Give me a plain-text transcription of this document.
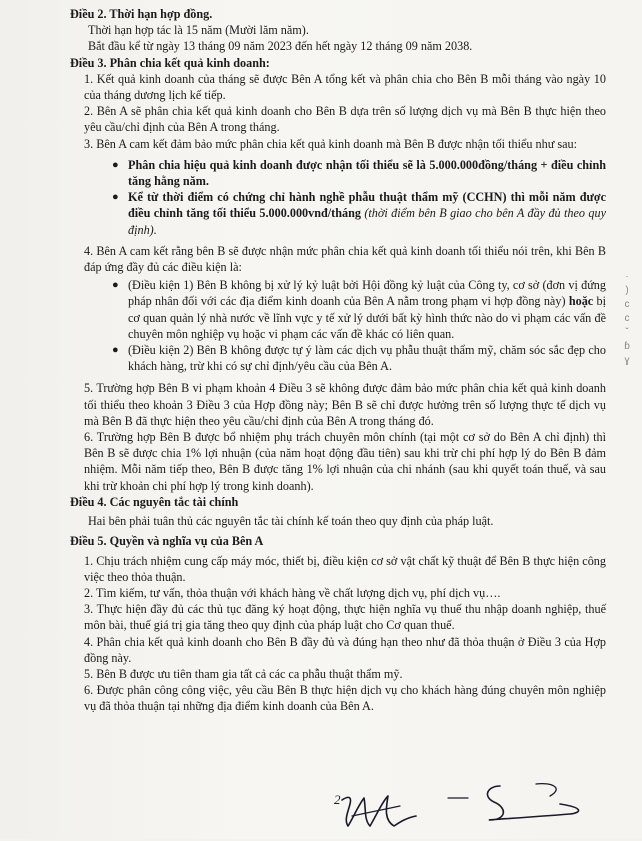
Điều 2. Thời hạn hợp đồng.

Thời hạn hợp tác là 15 năm (Mười lăm năm).

Bắt đầu kể từ ngày 13 tháng 09 năm 2023 đến hết ngày 12 tháng 09 năm 2038.

Điều 3. Phân chia kết quả kinh doanh:

1. Kết quả kinh doanh của tháng sẽ được Bên A tổng kết và phân chia cho Bên B mỗi tháng vào ngày 10 của tháng dương lịch kế tiếp.

2. Bên A sẽ phân chia kết quả kinh doanh cho Bên B dựa trên số lượng dịch vụ mà Bên B thực hiện theo yêu cầu/chỉ định của Bên A trong tháng.

3. Bên A cam kết đảm bảo mức phân chia kết quả kinh doanh mà Bên B được nhận tối thiểu như sau:

● Phân chia hiệu quả kinh doanh được nhận tối thiểu sẽ là 5.000.000đồng/tháng + điều chỉnh tăng hằng năm.
● Kể từ thời điểm có chứng chỉ hành nghề phẫu thuật thẩm mỹ (CCHN) thì mỗi năm được điều chỉnh tăng tối thiểu 5.000.000vnđ/tháng (thời điểm bên B giao cho bên A đầy đủ theo quy định).

4. Bên A cam kết rằng bên B sẽ được nhận mức phân chia kết quả kinh doanh tối thiểu nói trên, khi Bên B đáp ứng đầy đủ các điều kiện là:

● (Điều kiện 1) Bên B không bị xử lý kỷ luật bởi Hội đồng kỷ luật của Công ty, cơ sở (đơn vị đứng pháp nhân đối với các địa điểm kinh doanh của Bên A nằm trong phạm vi hợp đồng này) hoặc bị cơ quan quản lý nhà nước về lĩnh vực y tế xử lý dưới bất kỳ hình thức nào do vi phạm các vấn đề chuyên môn nghiệp vụ hoặc vi phạm các vấn đề khác có liên quan.
● (Điều kiện 2) Bên B không được tự ý làm các dịch vụ phẫu thuật thẩm mỹ, chăm sóc sắc đẹp cho khách hàng, trừ khi có sự chỉ định/yêu cầu của Bên A.

5. Trường hợp Bên B vi phạm khoản 4 Điều 3 sẽ không được đảm bảo mức phân chia kết quả kinh doanh tối thiểu theo khoản 3 Điều 3 của Hợp đồng này; Bên B sẽ chỉ được hưởng trên số lượng thực tế dịch vụ mà Bên B đã thực hiện theo yêu cầu/chỉ định của Bên A trong tháng đó.

6. Trường hợp Bên B được bổ nhiệm phụ trách chuyên môn chính (tại một cơ sở do Bên A chỉ định) thì Bên B sẽ được chia 1% lợi nhuận (của năm hoạt động đầu tiên) sau khi trừ chi phí hợp lý do Bên B đảm nhiệm. Mỗi năm tiếp theo, Bên B được tăng 1% lợi nhuận của chi nhánh (sau khi quyết toán thuế, và sau khi trừ khoản chi phí hợp lý trong kinh doanh).

Điều 4. Các nguyên tắc tài chính

Hai bên phải tuân thủ các nguyên tắc tài chính kế toán theo quy định của pháp luật.

Điều 5. Quyền và nghĩa vụ của Bên A

1. Chịu trách nhiệm cung cấp máy móc, thiết bị, điều kiện cơ sở vật chất kỹ thuật để Bên B thực hiện công việc theo thỏa thuận.

2. Tìm kiếm, tư vấn, thỏa thuận với khách hàng về chất lượng dịch vụ, phí dịch vụ….

3. Thực hiện đầy đủ các thủ tục đăng ký hoạt động, thực hiện nghĩa vụ thuế thu nhập doanh nghiệp, thuế môn bài, thuế giá trị gia tăng theo quy định của pháp luật cho Cơ quan thuế.

4. Phân chia kết quả kinh doanh cho Bên B đầy đủ và đúng hạn theo như đã thỏa thuận ở Điều 3 của Hợp đồng này.

5. Bên B được ưu tiên tham gia tất cả các ca phẫu thuật thẩm mỹ.

6. Được phân công công việc, yêu cầu Bên B thực hiện dịch vụ cho khách hàng đúng chuyên môn nghiệp vụ đã thỏa thuận tại những địa điểm kinh doanh của Bên A.

·
)
c
c
ˇ
ɓ
ɣ
2
